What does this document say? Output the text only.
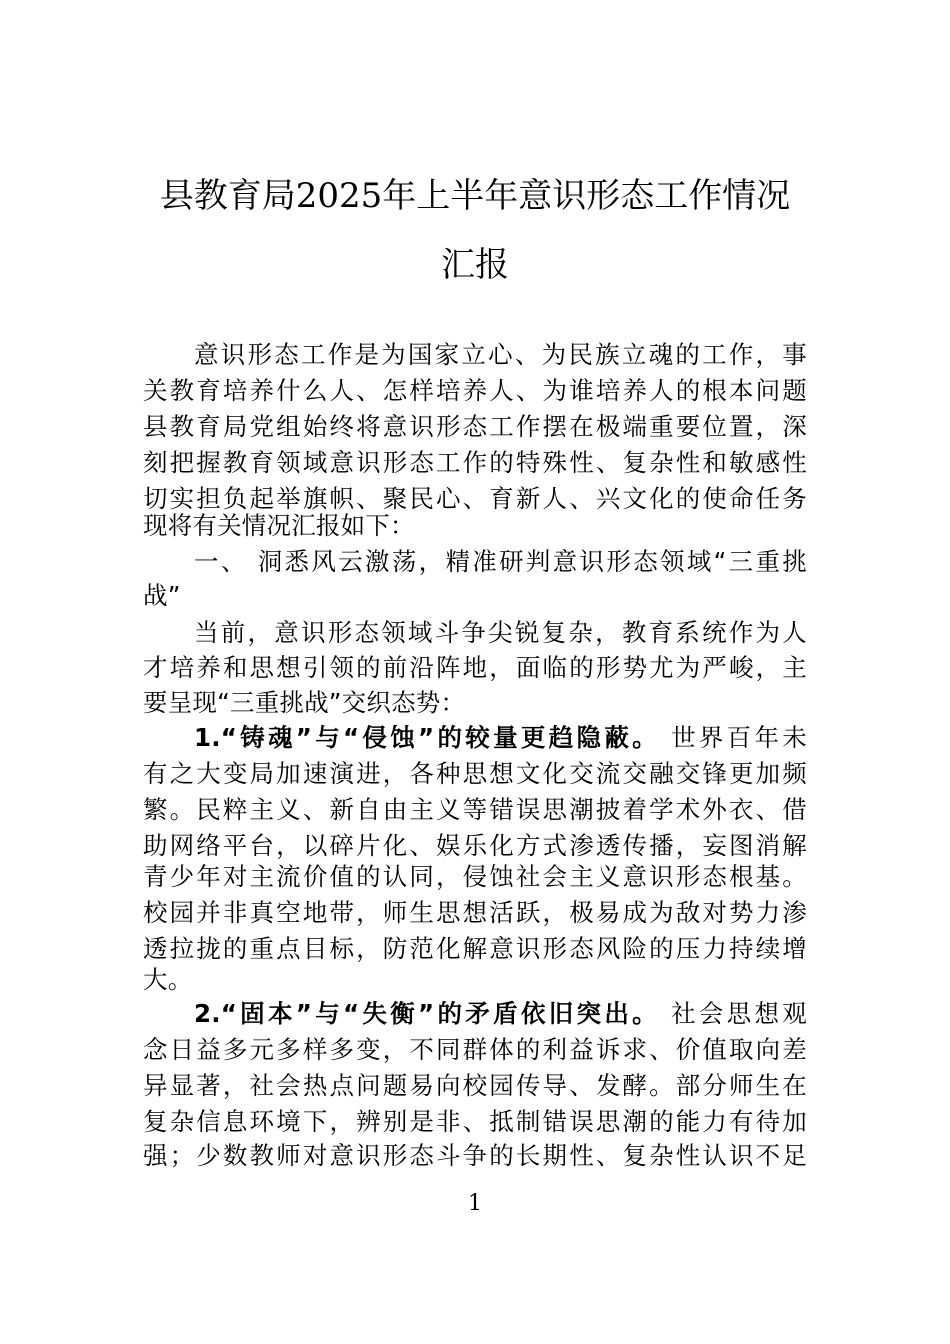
县教育局2025年上半年意识形态工作情况
汇报
意识形态工作是为国家立心、为民族立魂的工作，事
关教育培养什么人、怎样培养人、为谁培养人的根本问题
县教育局党组始终将意识形态工作摆在极端重要位置，深
刻把握教育领域意识形态工作的特殊性、复杂性和敏感性
切实担负起举旗帜、聚民心、育新人、兴文化的使命任务
现将有关情况汇报如下：
一、 洞悉风云激荡，精准研判意识形态领域“三重挑
战”
当前，意识形态领域斗争尖锐复杂，教育系统作为人
才培养和思想引领的前沿阵地，面临的形势尤为严峻，主
要呈现“三重挑战”交织态势：
1.“铸魂”与“侵蚀”的较量更趋隐蔽。 世界百年未
有之大变局加速演进，各种思想文化交流交融交锋更加频
繁。民粹主义、新自由主义等错误思潮披着学术外衣、借
助网络平台，以碎片化、娱乐化方式渗透传播，妄图消解
青少年对主流价值的认同，侵蚀社会主义意识形态根基。
校园并非真空地带，师生思想活跃，极易成为敌对势力渗
透拉拢的重点目标，防范化解意识形态风险的压力持续增
大。
2.“固本”与“失衡”的矛盾依旧突出。 社会思想观
念日益多元多样多变，不同群体的利益诉求、价值取向差
异显著，社会热点问题易向校园传导、发酵。部分师生在
复杂信息环境下，辨别是非、抵制错误思潮的能力有待加
强；少数教师对意识形态斗争的长期性、复杂性认识不足
1
